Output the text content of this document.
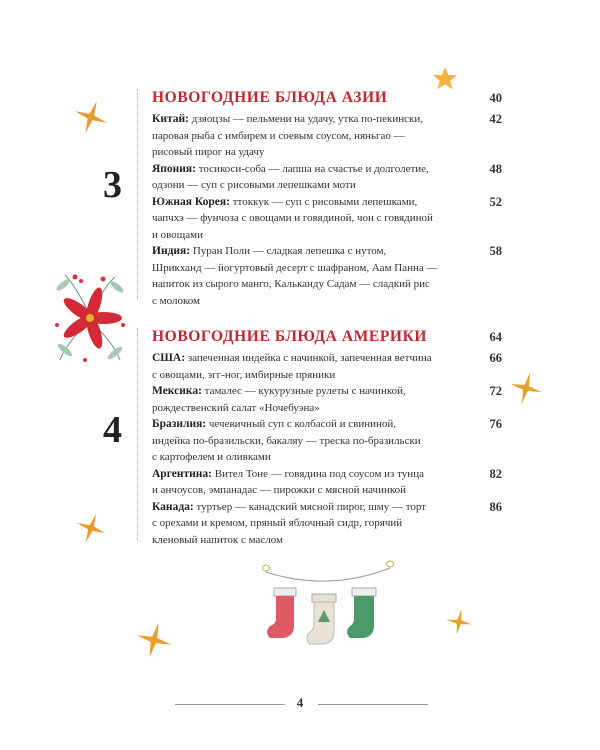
3
4
НОВОГОДНИЕ БЛЮДА АЗИИ	40
Китай: дзяоцзы — пельмени на удачу, утка по-пекински,
паровая рыба с имбирем и соевым соусом, няньгао —
рисовый пирог на удачу
42
Япония: тосикоси-соба — лапша на счастье и долголетие,
одзони — суп с рисовыми лепешками моти
48
Южная Корея: ттоккук — суп с рисовыми лепешками,
чапчхэ — фунчоза с овощами и говядиной, чон с говядиной
и овощами
52
Индия: Пуран Поли — сладкая лепешка с нутом,
Шрикханд — йогуртовый десерт с шафраном, Аам Панна —
напиток из сырого манго, Кальканду Садам — сладкий рис
с молоком
58
НОВОГОДНИЕ БЛЮДА АМЕРИКИ	64
США: запеченная индейка с начинкой, запеченная ветчина
с овощами, эгг-ног, имбирные пряники
66
Мексика: тамалес — кукурузные рулеты с начинкой,
рождественский салат «Ночебуэна»
72
Бразилия: чечевичный суп с колбасой и свининой,
индейка по-бразильски, бакаляу — треска по-бразильски
с картофелем и оливками
76
Аргентина: Вител Тоне — говядина под соусом из тунца
и анчоусов, эмпанадас — пирожки с мясной начинкой
82
Канада: туртьер — канадский мясной пирог, шму — торт
с орехами и кремом, пряный яблочный сидр, горячий
кленовый напиток с маслом
86
4
